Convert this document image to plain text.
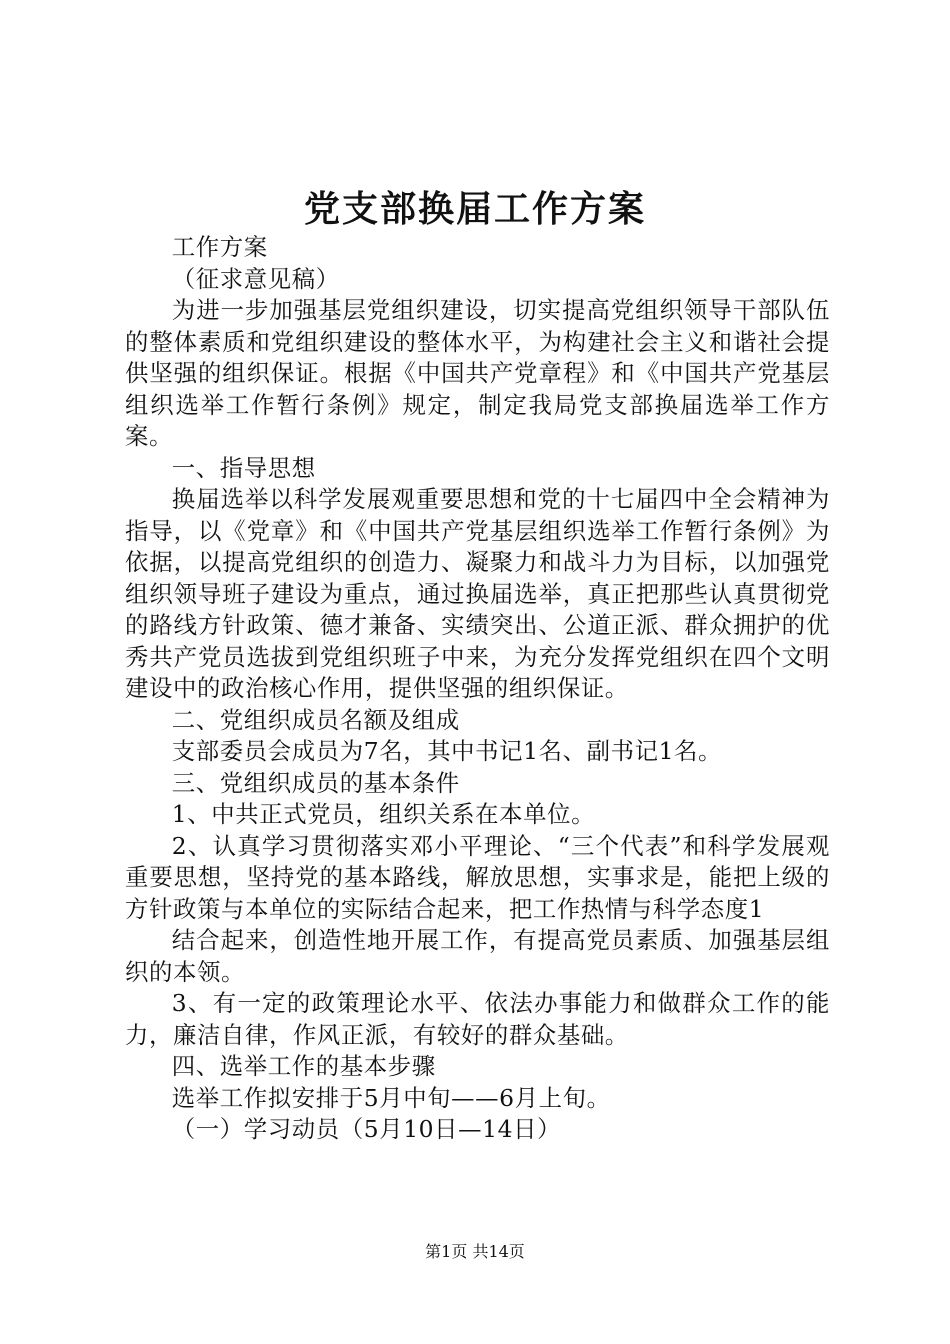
党支部换届工作方案

工作方案

（征求意见稿）

为进一步加强基层党组织建设，切实提高党组织领导干部队伍的整体素质和党组织建设的整体水平，为构建社会主义和谐社会提供坚强的组织保证。根据《中国共产党章程》和《中国共产党基层组织选举工作暂行条例》规定，制定我局党支部换届选举工作方案。

一、指导思想

换届选举以科学发展观重要思想和党的十七届四中全会精神为指导，以《党章》和《中国共产党基层组织选举工作暂行条例》为依据，以提高党组织的创造力、凝聚力和战斗力为目标，以加强党组织领导班子建设为重点，通过换届选举，真正把那些认真贯彻党的路线方针政策、德才兼备、实绩突出、公道正派、群众拥护的优秀共产党员选拔到党组织班子中来，为充分发挥党组织在四个文明建设中的政治核心作用，提供坚强的组织保证。

二、党组织成员名额及组成

支部委员会成员为7名，其中书记1名、副书记1名。

三、党组织成员的基本条件

1、中共正式党员，组织关系在本单位。

2、认真学习贯彻落实邓小平理论、“三个代表”和科学发展观重要思想，坚持党的基本路线，解放思想，实事求是，能把上级的方针政策与本单位的实际结合起来，把工作热情与科学态度1

结合起来，创造性地开展工作，有提高党员素质、加强基层组织的本领。

3、有一定的政策理论水平、依法办事能力和做群众工作的能力，廉洁自律，作风正派，有较好的群众基础。

四、选举工作的基本步骤

选举工作拟安排于5月中旬——6月上旬。

（一）学习动员（5月10日—14日）

第1页 共14页
